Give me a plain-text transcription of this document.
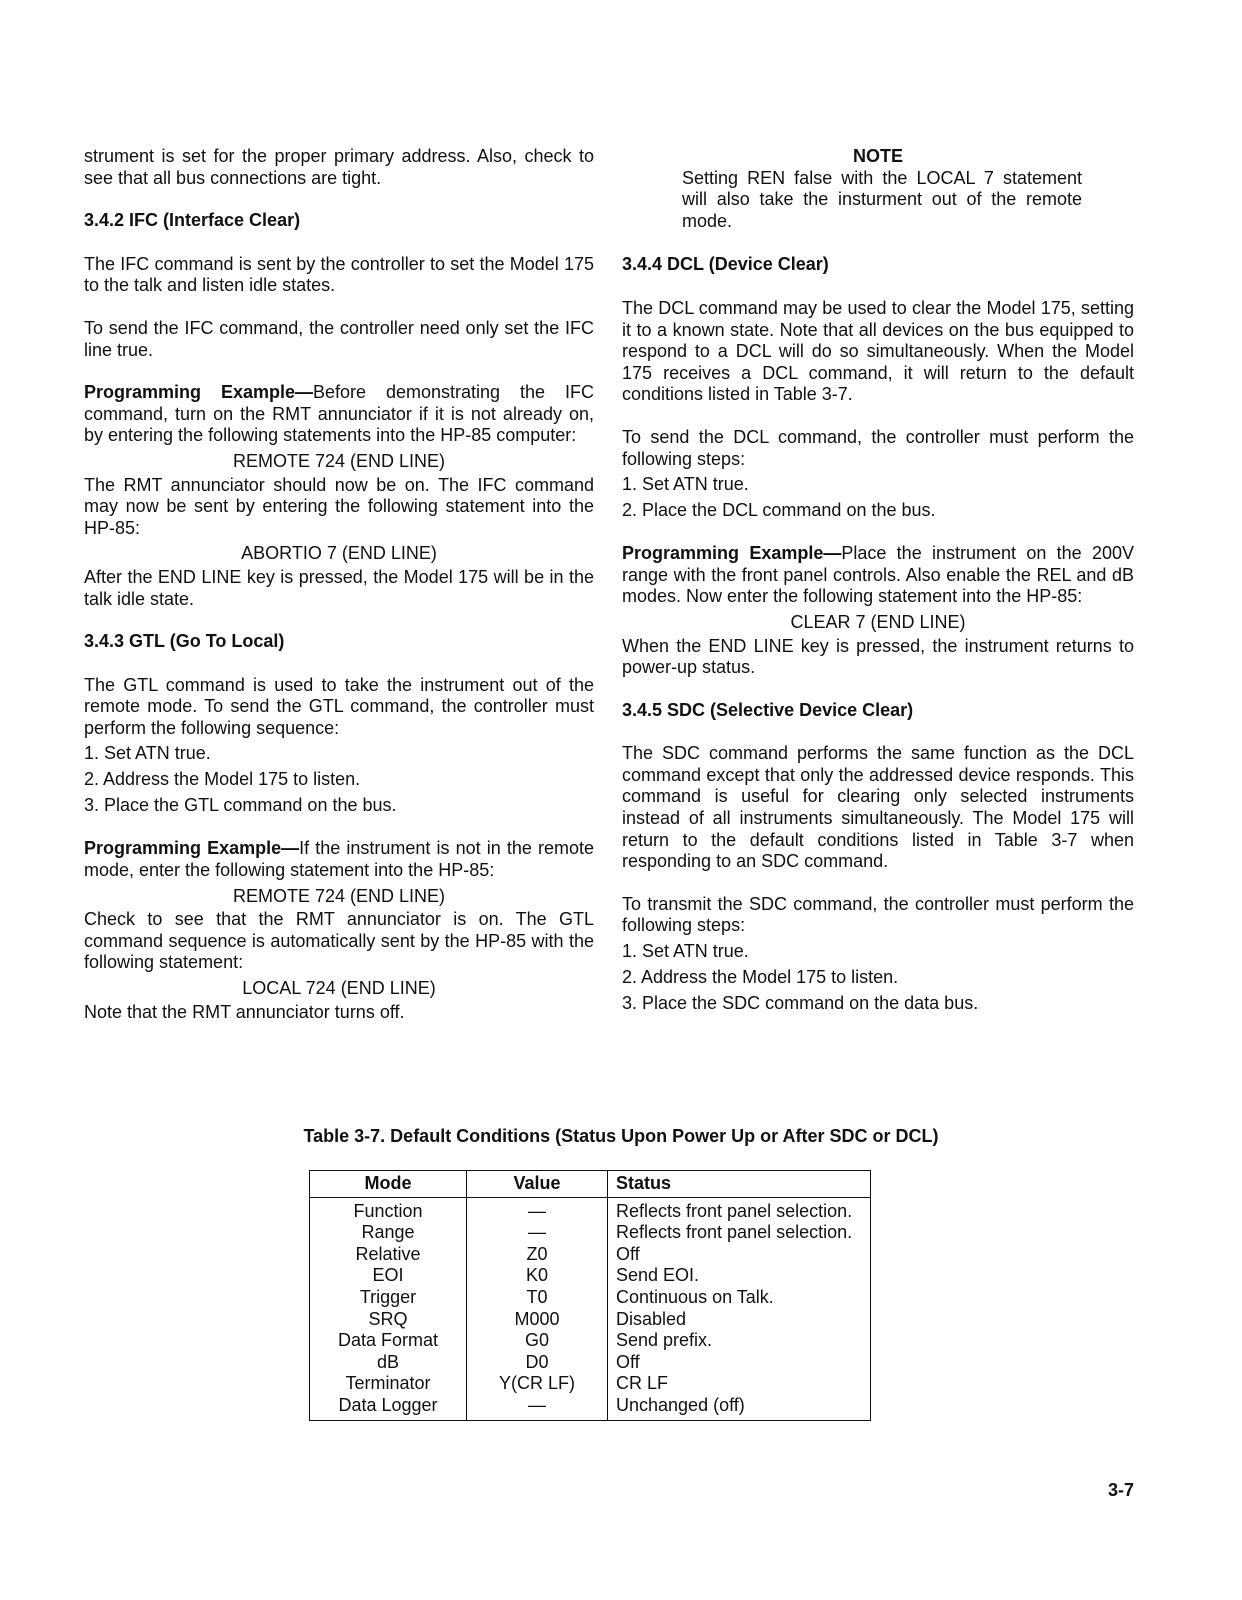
strument is set for the proper primary address. Also, check to see that all bus connections are tight.

3.4.2 IFC (Interface Clear)

The IFC command is sent by the controller to set the Model 175 to the talk and listen idle states.

To send the IFC command, the controller need only set the IFC line true.

Programming Example—Before demonstrating the IFC command, turn on the RMT annunciator if it is not already on, by entering the following statements into the HP-85 computer:

REMOTE 724 (END LINE)

The RMT annunciator should now be on. The IFC command may now be sent by entering the following statement into the HP-85:

ABORTIO 7 (END LINE)

After the END LINE key is pressed, the Model 175 will be in the talk idle state.

3.4.3 GTL (Go To Local)

The GTL command is used to take the instrument out of the remote mode. To send the GTL command, the controller must perform the following sequence:

1. Set ATN true.
2. Address the Model 175 to listen.
3. Place the GTL command on the bus.

Programming Example—If the instrument is not in the remote mode, enter the following statement into the HP-85:

REMOTE 724 (END LINE)

Check to see that the RMT annunciator is on. The GTL command sequence is automatically sent by the HP-85 with the following statement:

LOCAL 724 (END LINE)

Note that the RMT annunciator turns off.

NOTE
Setting REN false with the LOCAL 7 statement will also take the insturment out of the remote mode.
3.4.4 DCL (Device Clear)

The DCL command may be used to clear the Model 175, setting it to a known state. Note that all devices on the bus equipped to respond to a DCL will do so simultaneously. When the Model 175 receives a DCL command, it will return to the default conditions listed in Table 3-7.

To send the DCL command, the controller must perform the following steps:

1. Set ATN true.
2. Place the DCL command on the bus.

Programming Example—Place the instrument on the 200V range with the front panel controls. Also enable the REL and dB modes. Now enter the following statement into the HP-85:

CLEAR 7 (END LINE)

When the END LINE key is pressed, the instrument returns to power-up status.

3.4.5 SDC (Selective Device Clear)

The SDC command performs the same function as the DCL command except that only the addressed device responds. This command is useful for clearing only selected instruments instead of all instruments simultaneously. The Model 175 will return to the default conditions listed in Table 3-7 when responding to an SDC command.

To transmit the SDC command, the controller must perform the following steps:

1. Set ATN true.
2. Address the Model 175 to listen.
3. Place the SDC command on the data bus.
Table 3-7. Default Conditions (Status Upon Power Up or After SDC or DCL)
Mode	Value	Status
Function	—	Reflects front panel selection.
Range	—	Reflects front panel selection.
Relative	Z0	Off
EOI	K0	Send EOI.
Trigger	T0	Continuous on Talk.
SRQ	M000	Disabled
Data Format	G0	Send prefix.
dB	D0	Off
Terminator	Y(CR LF)	CR LF
Data Logger	—	Unchanged (off)
3-7
